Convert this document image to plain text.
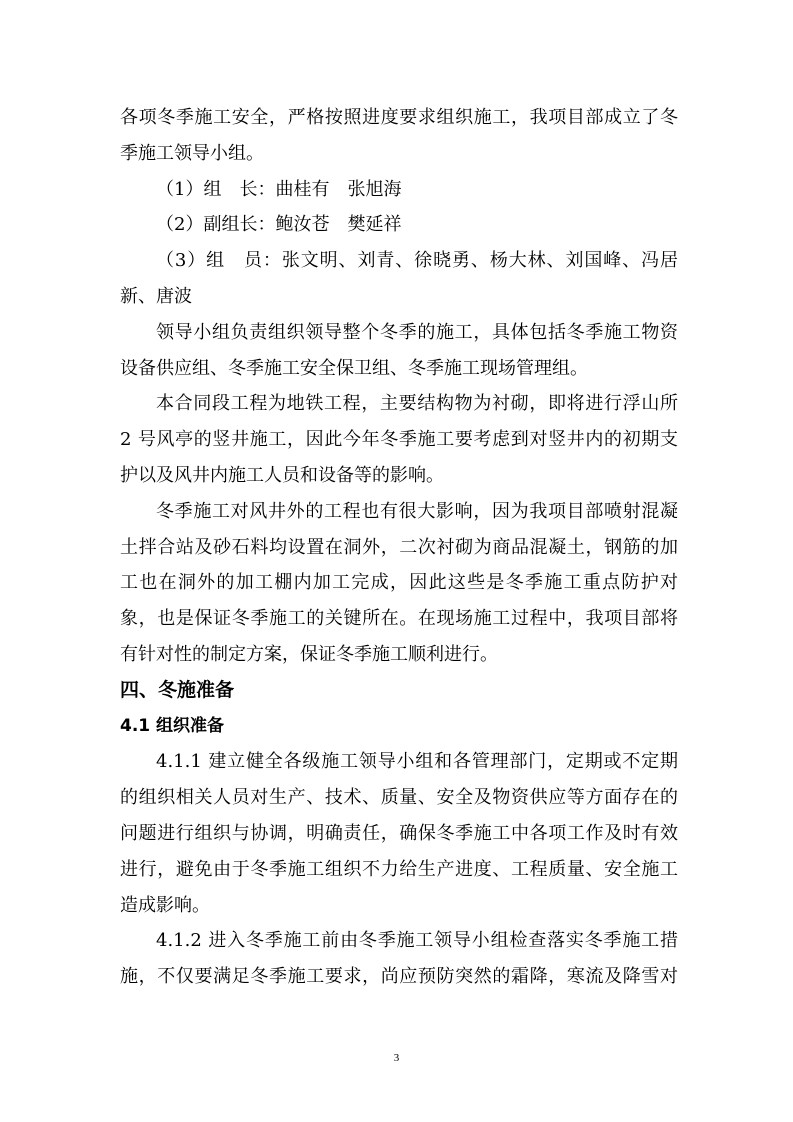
各项冬季施工安全，严格按照进度要求组织施工，我项目部成立了冬
季施工领导小组。
（1）组　长：曲桂有　张旭海
（2）副组长：鲍汝苍　樊延祥
（3）组　员：张文明、刘青、徐晓勇、杨大林、刘国峰、冯居
新、唐波
领导小组负责组织领导整个冬季的施工，具体包括冬季施工物资
设备供应组、冬季施工安全保卫组、冬季施工现场管理组。
本合同段工程为地铁工程，主要结构物为衬砌，即将进行浮山所
2 号风亭的竖井施工，因此今年冬季施工要考虑到对竖井内的初期支
护以及风井内施工人员和设备等的影响。
冬季施工对风井外的工程也有很大影响，因为我项目部喷射混凝
土拌合站及砂石料均设置在洞外，二次衬砌为商品混凝土，钢筋的加
工也在洞外的加工棚内加工完成，因此这些是冬季施工重点防护对
象，也是保证冬季施工的关键所在。在现场施工过程中，我项目部将
有针对性的制定方案，保证冬季施工顺利进行。
四、冬施准备
4.1 组织准备
4.1.1 建立健全各级施工领导小组和各管理部门，定期或不定期
的组织相关人员对生产、技术、质量、安全及物资供应等方面存在的
问题进行组织与协调，明确责任，确保冬季施工中各项工作及时有效
进行，避免由于冬季施工组织不力给生产进度、工程质量、安全施工
造成影响。
4.1.2 进入冬季施工前由冬季施工领导小组检查落实冬季施工措
施，不仅要满足冬季施工要求，尚应预防突然的霜降，寒流及降雪对
3
